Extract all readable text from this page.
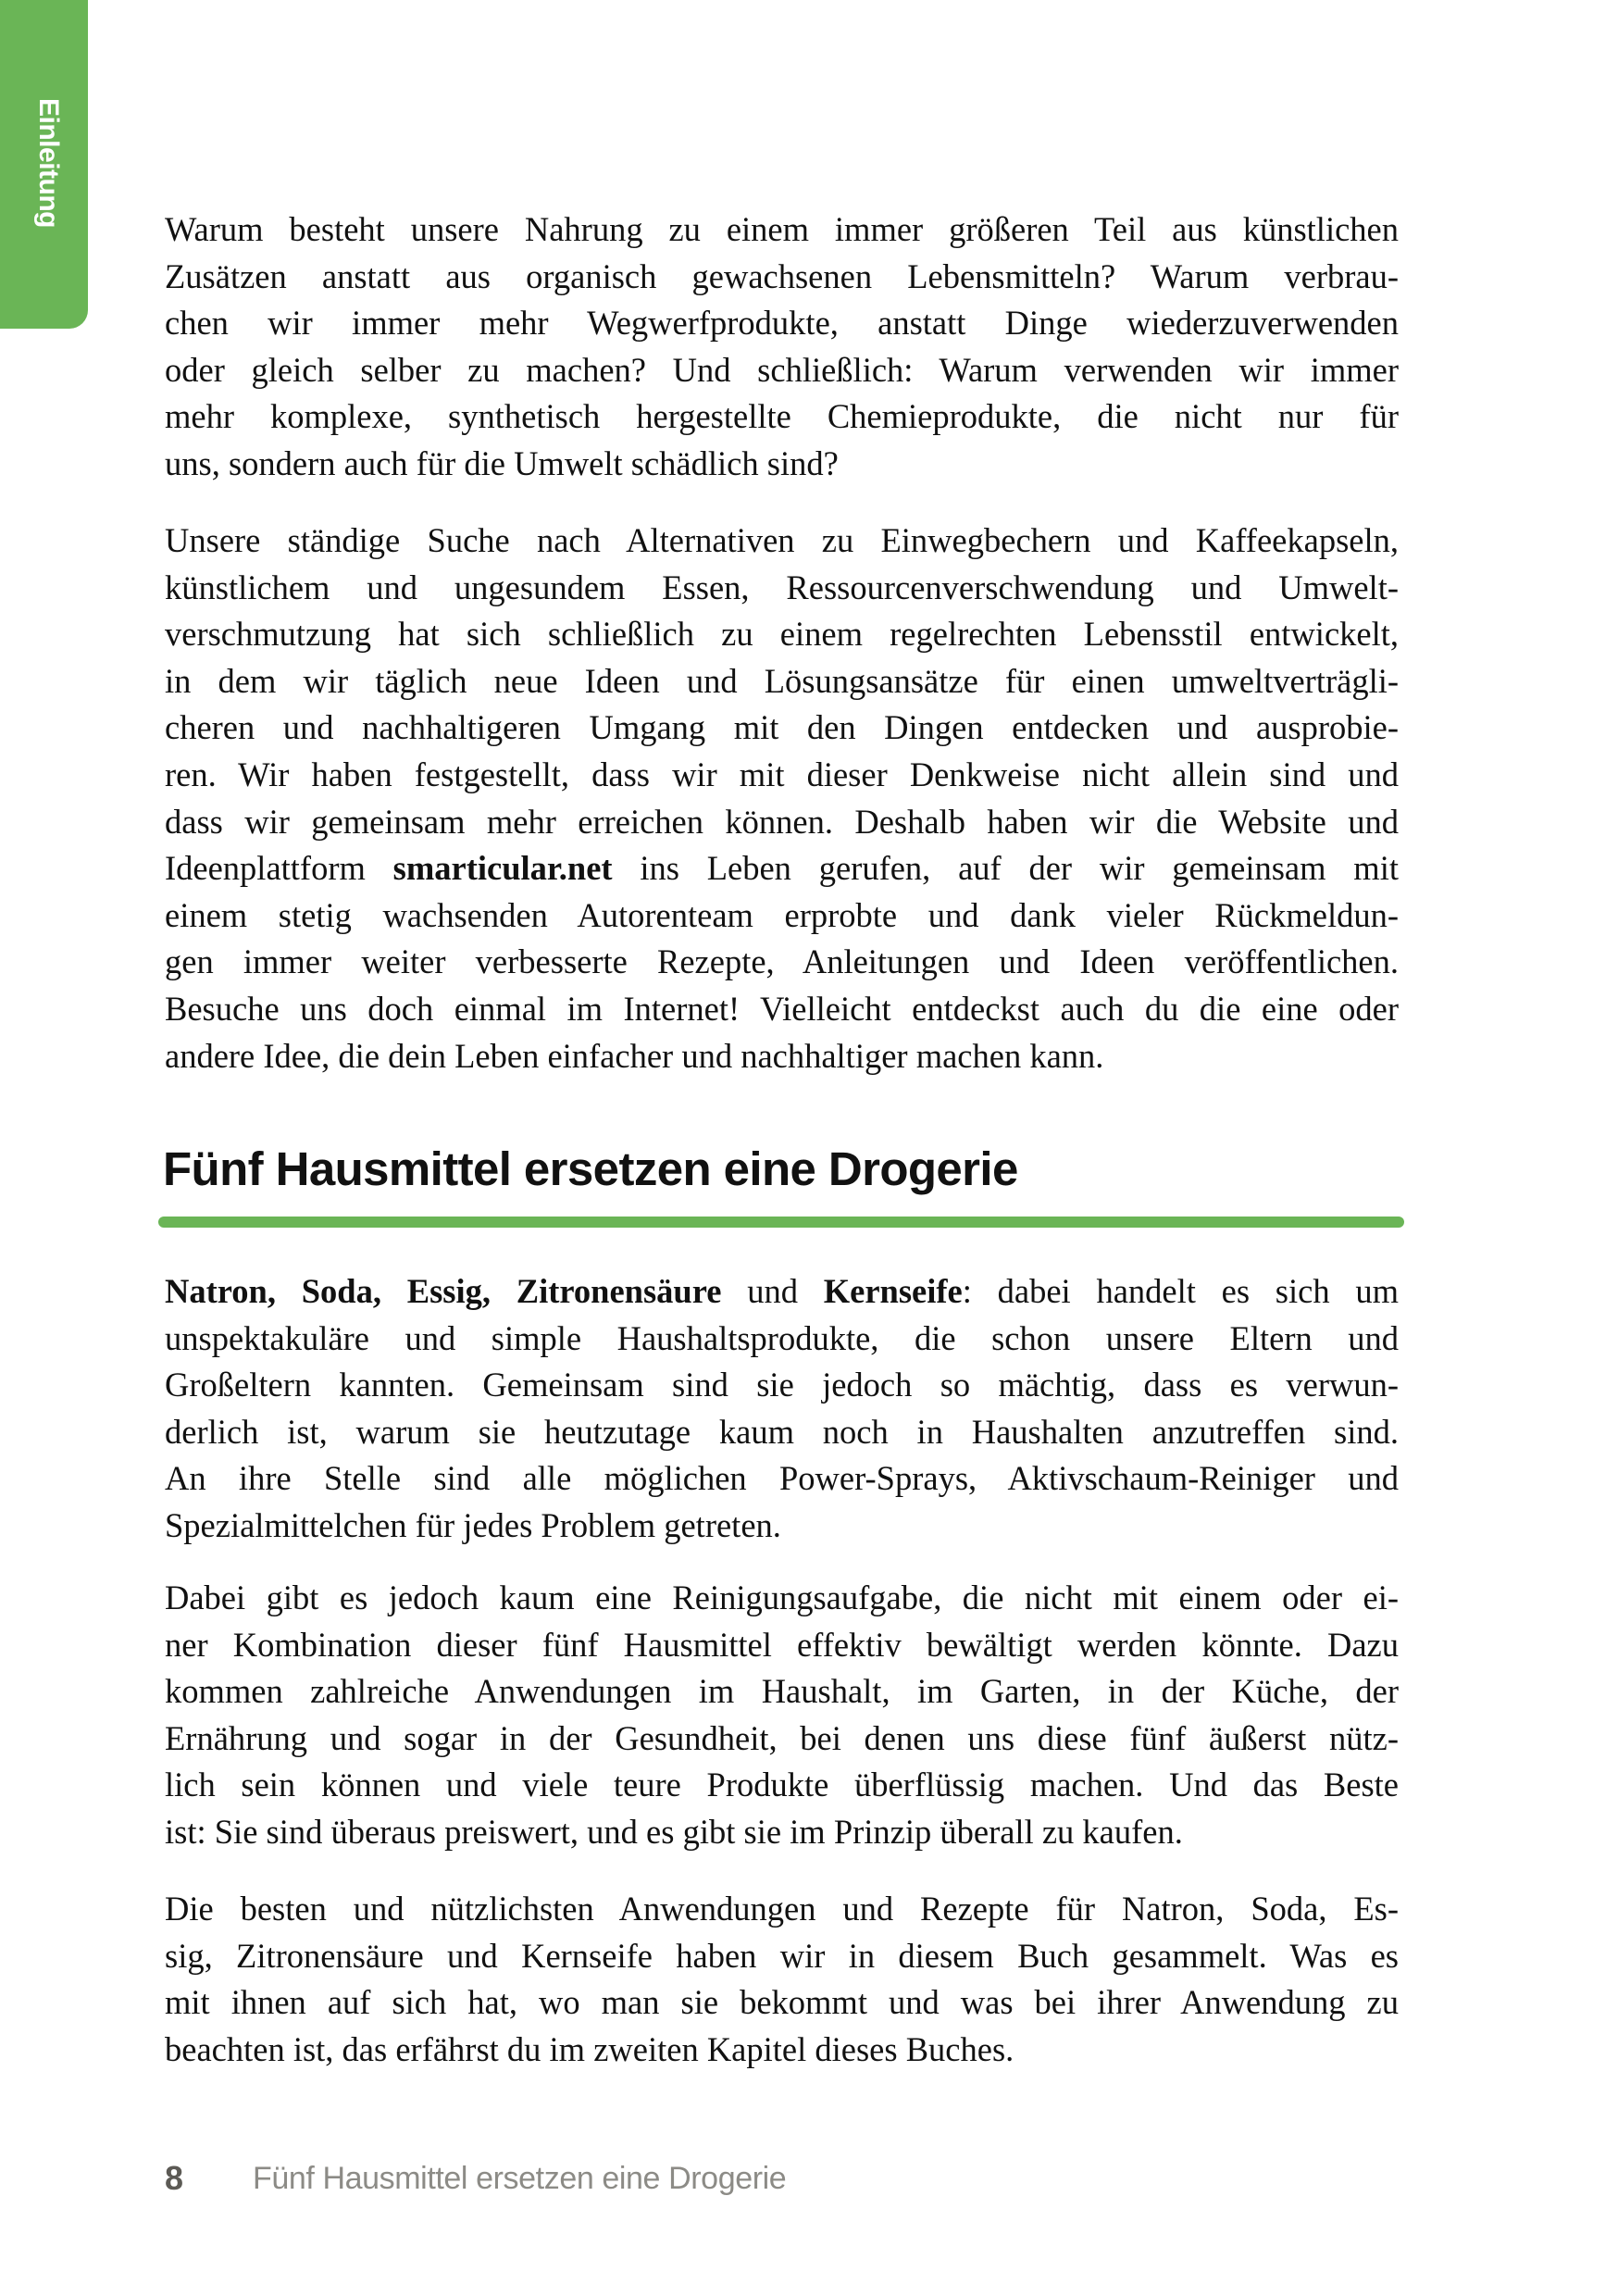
Einleitung
Warum besteht unsere Nahrung zu einem immer größeren Teil aus künstlichen
Zusätzen anstatt aus organisch gewachsenen Lebensmitteln? Warum verbrau-
chen wir immer mehr Wegwerfprodukte, anstatt Dinge wiederzuverwenden
oder gleich selber zu machen? Und schließlich: Warum verwenden wir immer
mehr komplexe, synthetisch hergestellte Chemieprodukte, die nicht nur für
uns, sondern auch für die Umwelt schädlich sind?
Unsere ständige Suche nach Alternativen zu Einwegbechern und Kaffeekapseln,
künstlichem und ungesundem Essen, Ressourcenverschwendung und Umwelt-
verschmutzung hat sich schließlich zu einem regelrechten Lebensstil entwickelt,
in dem wir täglich neue Ideen und Lösungsansätze für einen umweltverträgli-
cheren und nachhaltigeren Umgang mit den Dingen entdecken und ausprobie-
ren. Wir haben festgestellt, dass wir mit dieser Denkweise nicht allein sind und
dass wir gemeinsam mehr erreichen können. Deshalb haben wir die Website und
Ideenplattform smarticular.net ins Leben gerufen, auf der wir gemeinsam mit
einem stetig wachsenden Autorenteam erprobte und dank vieler Rückmeldun-
gen immer weiter verbesserte Rezepte, Anleitungen und Ideen veröffentlichen.
Besuche uns doch einmal im Internet! Vielleicht entdeckst auch du die eine oder
andere Idee, die dein Leben einfacher und nachhaltiger machen kann.
Fünf Hausmittel ersetzen eine Drogerie
Natron, Soda, Essig, Zitronensäure und Kernseife: dabei handelt es sich um
unspektakuläre und simple Haushaltsprodukte, die schon unsere Eltern und
Großeltern kannten. Gemeinsam sind sie jedoch so mächtig, dass es verwun-
derlich ist, warum sie heutzutage kaum noch in Haushalten anzutreffen sind.
An ihre Stelle sind alle möglichen Power-Sprays, Aktivschaum-Reiniger und
Spezialmittelchen für jedes Problem getreten.
Dabei gibt es jedoch kaum eine Reinigungsaufgabe, die nicht mit einem oder ei-
ner Kombination dieser fünf Hausmittel effektiv bewältigt werden könnte. Dazu
kommen zahlreiche Anwendungen im Haushalt, im Garten, in der Küche, der
Ernährung und sogar in der Gesundheit, bei denen uns diese fünf äußerst nütz-
lich sein können und viele teure Produkte überflüssig machen. Und das Beste
ist: Sie sind überaus preiswert, und es gibt sie im Prinzip überall zu kaufen.
Die besten und nützlichsten Anwendungen und Rezepte für Natron, Soda, Es-
sig, Zitronensäure und Kernseife haben wir in diesem Buch gesammelt. Was es
mit ihnen auf sich hat, wo man sie bekommt und was bei ihrer Anwendung zu
beachten ist, das erfährst du im zweiten Kapitel dieses Buches.
8 Fünf Hausmittel ersetzen eine Drogerie
